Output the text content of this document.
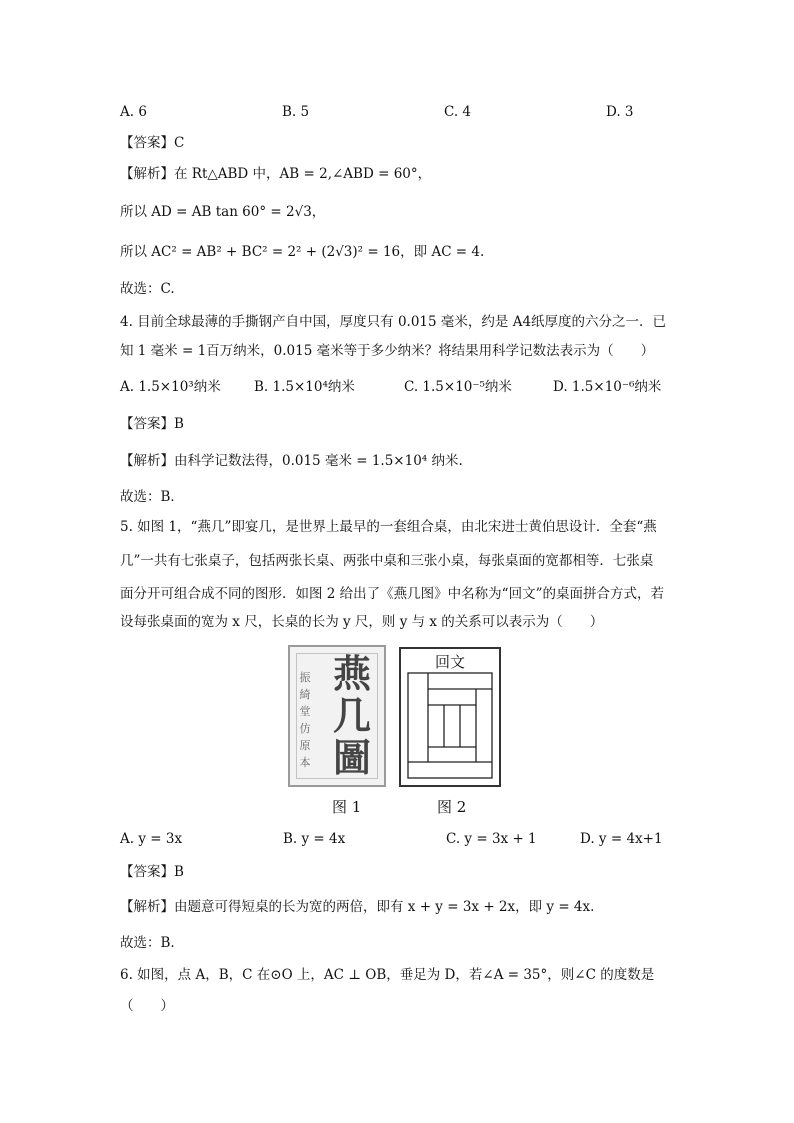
A. 6	B. 5	C. 4	D. 3
【答案】C
【解析】在 Rt△ABD 中，AB = 2,∠ABD = 60°，
所以 AD = AB tan 60° = 2√3，
所以 AC² = AB² + BC² = 2² + (2√3)² = 16，即 AC = 4.
故选：C.
4. 目前全球最薄的手撕钢产自中国，厚度只有 0.015 毫米，约是 A4纸厚度的六分之一．已
知 1 毫米 = 1百万纳米，0.015 毫米等于多少纳米？将结果用科学记数法表示为（　　）
A. 1.5×10³纳米 B. 1.5×10⁴纳米	C. 1.5×10⁻⁵纳米	D. 1.5×10⁻⁶纳米
【答案】B
【解析】由科学记数法得，0.015 毫米 = 1.5×10⁴ 纳米.
故选：B．
5. 如图 1，“燕几”即宴几，是世界上最早的一套组合桌，由北宋进士黄伯思设计．全套“燕
几”一共有七张桌子，包括两张长桌、两张中桌和三张小桌，每张桌面的宽都相等．七张桌
面分开可组合成不同的图形．如图 2 给出了《燕几图》中名称为“回文”的桌面拼合方式，若
设每张桌面的宽为 x 尺，长桌的长为 y 尺，则 y 与 x 的关系可以表示为（　　）
振綺堂仿原本
燕几圖
回文
图 1	图 2
A. y = 3x	B. y = 4x	C. y = 3x + 1	D. y = 4x+1
【答案】B
【解析】由题意可得短桌的长为宽的两倍，即有 x + y = 3x + 2x，即 y = 4x.
故选：B.
6. 如图，点 A，B，C 在⊙O 上，AC ⊥ OB，垂足为 D，若∠A = 35°，则∠C 的度数是
（　　）
